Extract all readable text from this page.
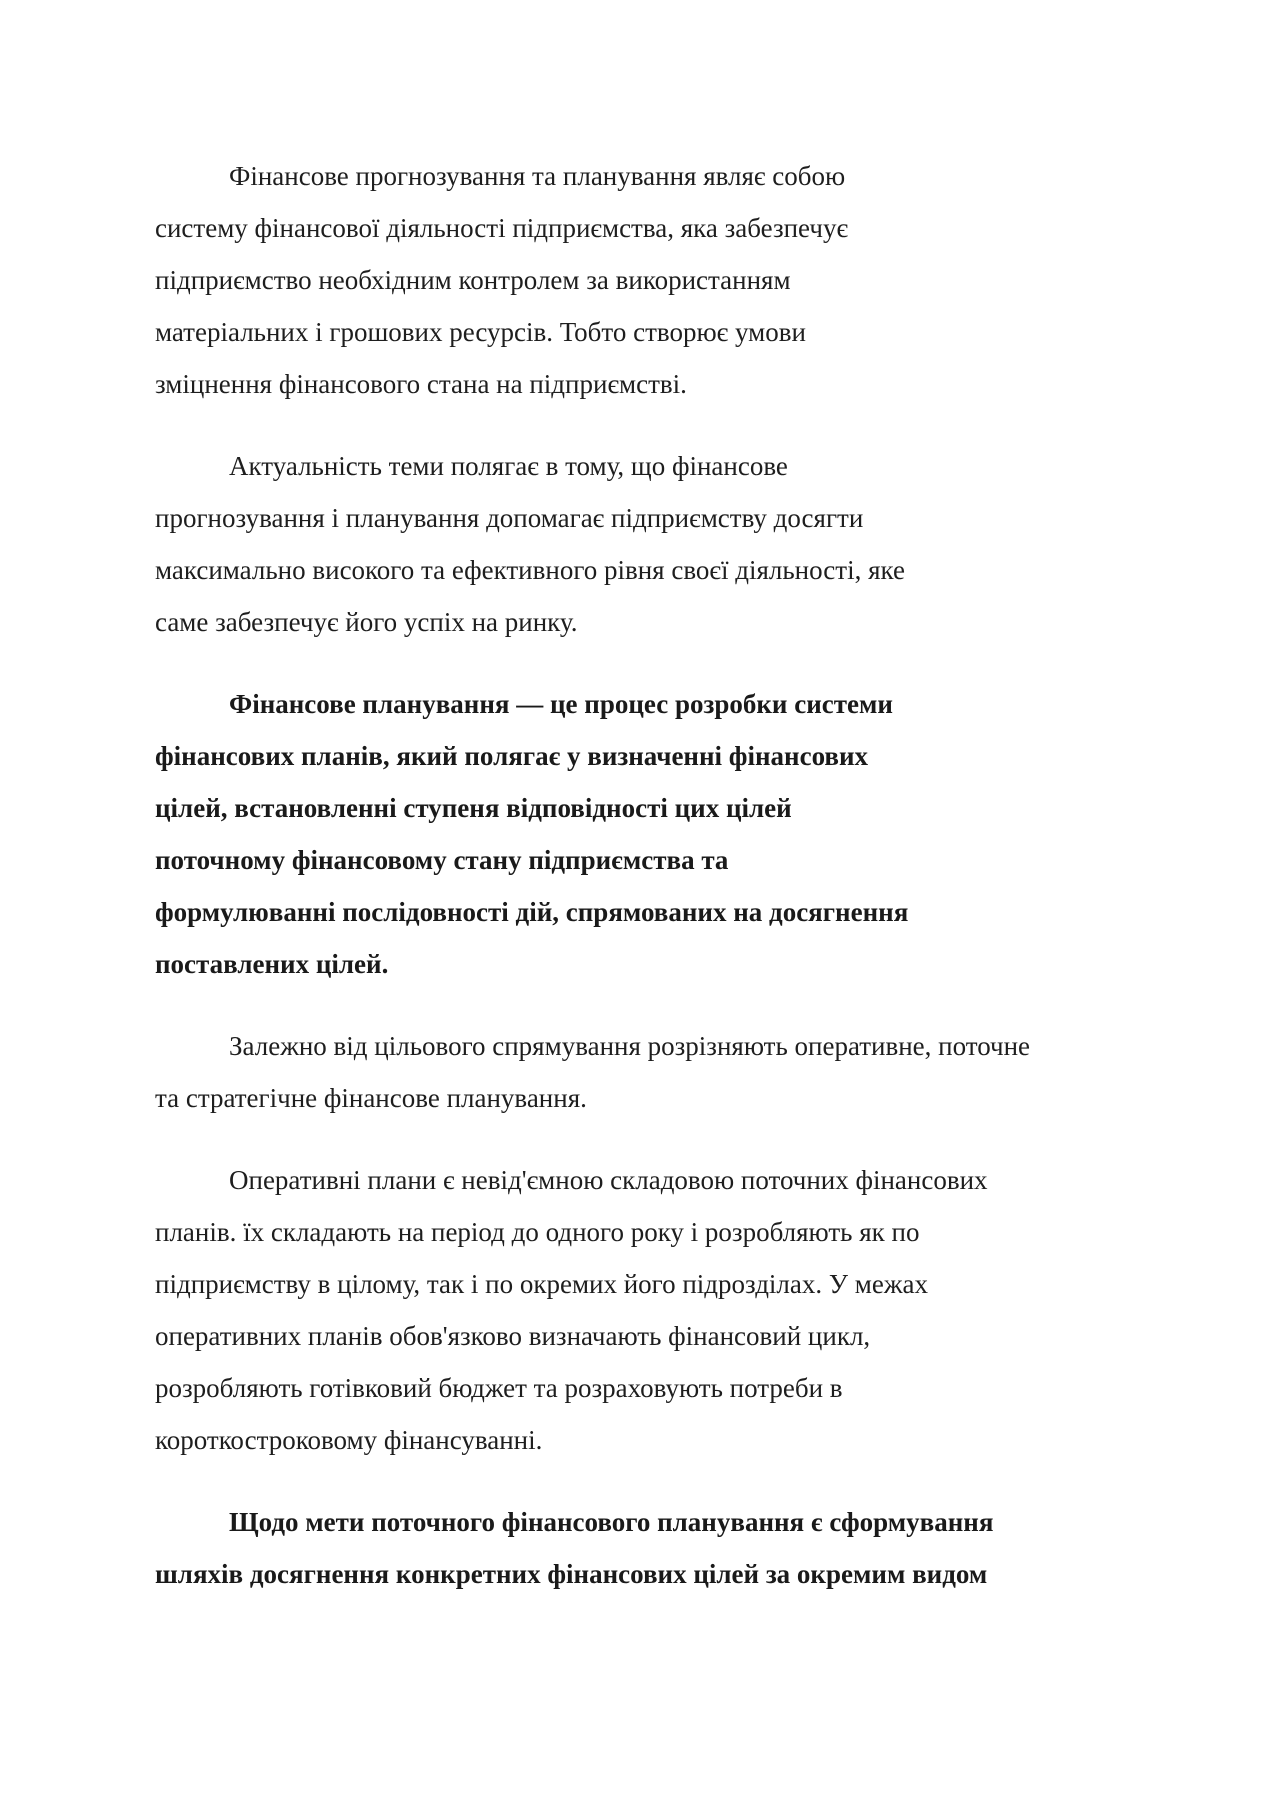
Фінансове прогнозування та планування являє собою
систему фінансової діяльності підприємства, яка забезпечує
підприємство необхідним контролем за використанням
матеріальних і грошових ресурсів. Тобто створює умови
зміцнення фінансового стана на підприємстві.

Актуальність теми полягає в тому, що фінансове
прогнозування і планування допомагає підприємству досягти
максимально високого та ефективного рівня своєї діяльності, яке
саме забезпечує його успіх на ринку.

Фінансове планування — це процес розробки системи
фінансових планів, який полягає у визначенні фінансових
цілей, встановленні ступеня відповідності цих цілей
поточному фінансовому стану підприємства та
формулюванні послідовності дій, спрямованих на досягнення
поставлених цілей.

Залежно від цільового спрямування розрізняють оперативне, поточне
та стратегічне фінансове планування.

Оперативні плани є невід'ємною складовою поточних фінансових
планів. їх складають на період до одного року і розробляють як по
підприємству в цілому, так і по окремих його підрозділах. У межах
оперативних планів обов'язково визначають фінансовий цикл,
розробляють готівковий бюджет та розраховують потреби в
короткостроковому фінансуванні.

Щодо мети поточного фінансового планування є сформування
шляхів досягнення конкретних фінансових цілей за окремим видом
